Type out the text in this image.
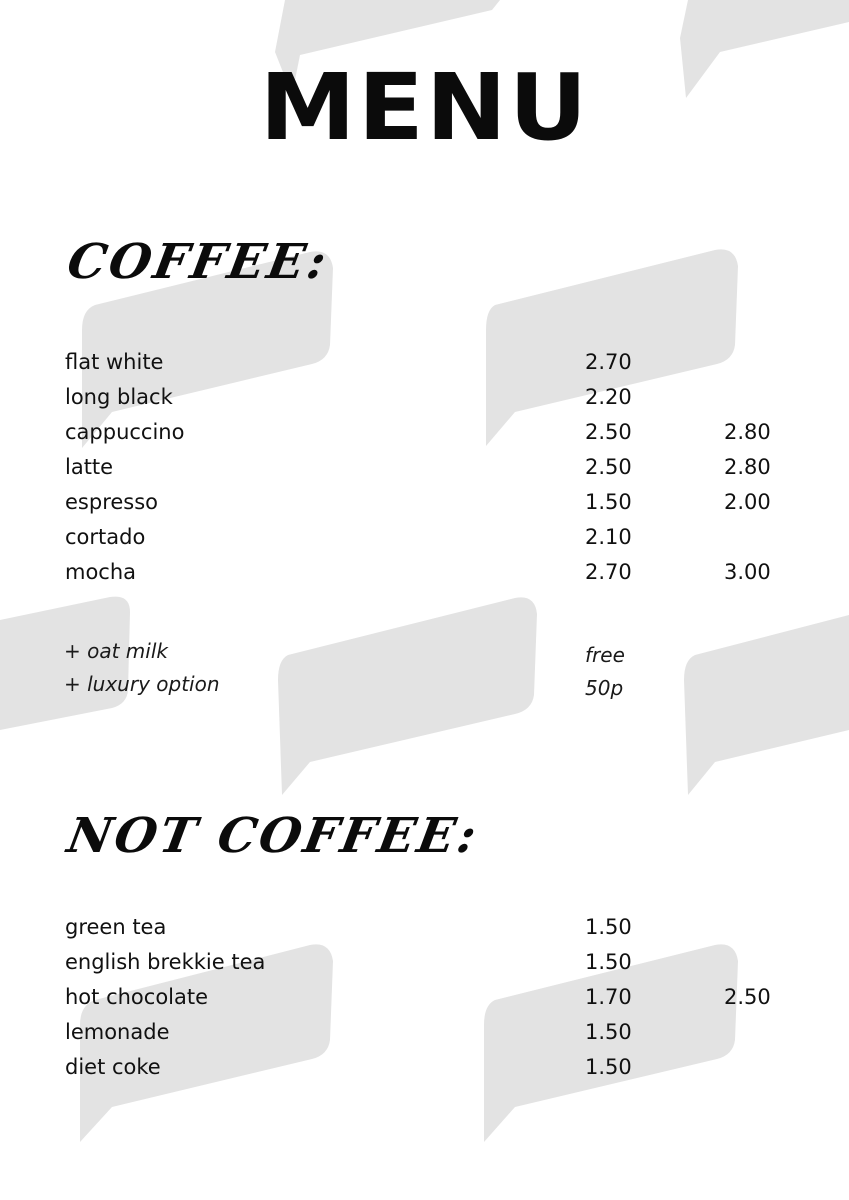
MENU
COFFEE:
flat white	2.70
long black	2.20
cappuccino	2.50	2.80
latte	2.50	2.80
espresso	1.50	2.00
cortado	2.10
mocha	2.70	3.00
+ oat milk	free
+ luxury option	50p
NOT COFFEE:
green tea	1.50
english brekkie tea	1.50
hot chocolate	1.70	2.50
lemonade	1.50
diet coke	1.50
